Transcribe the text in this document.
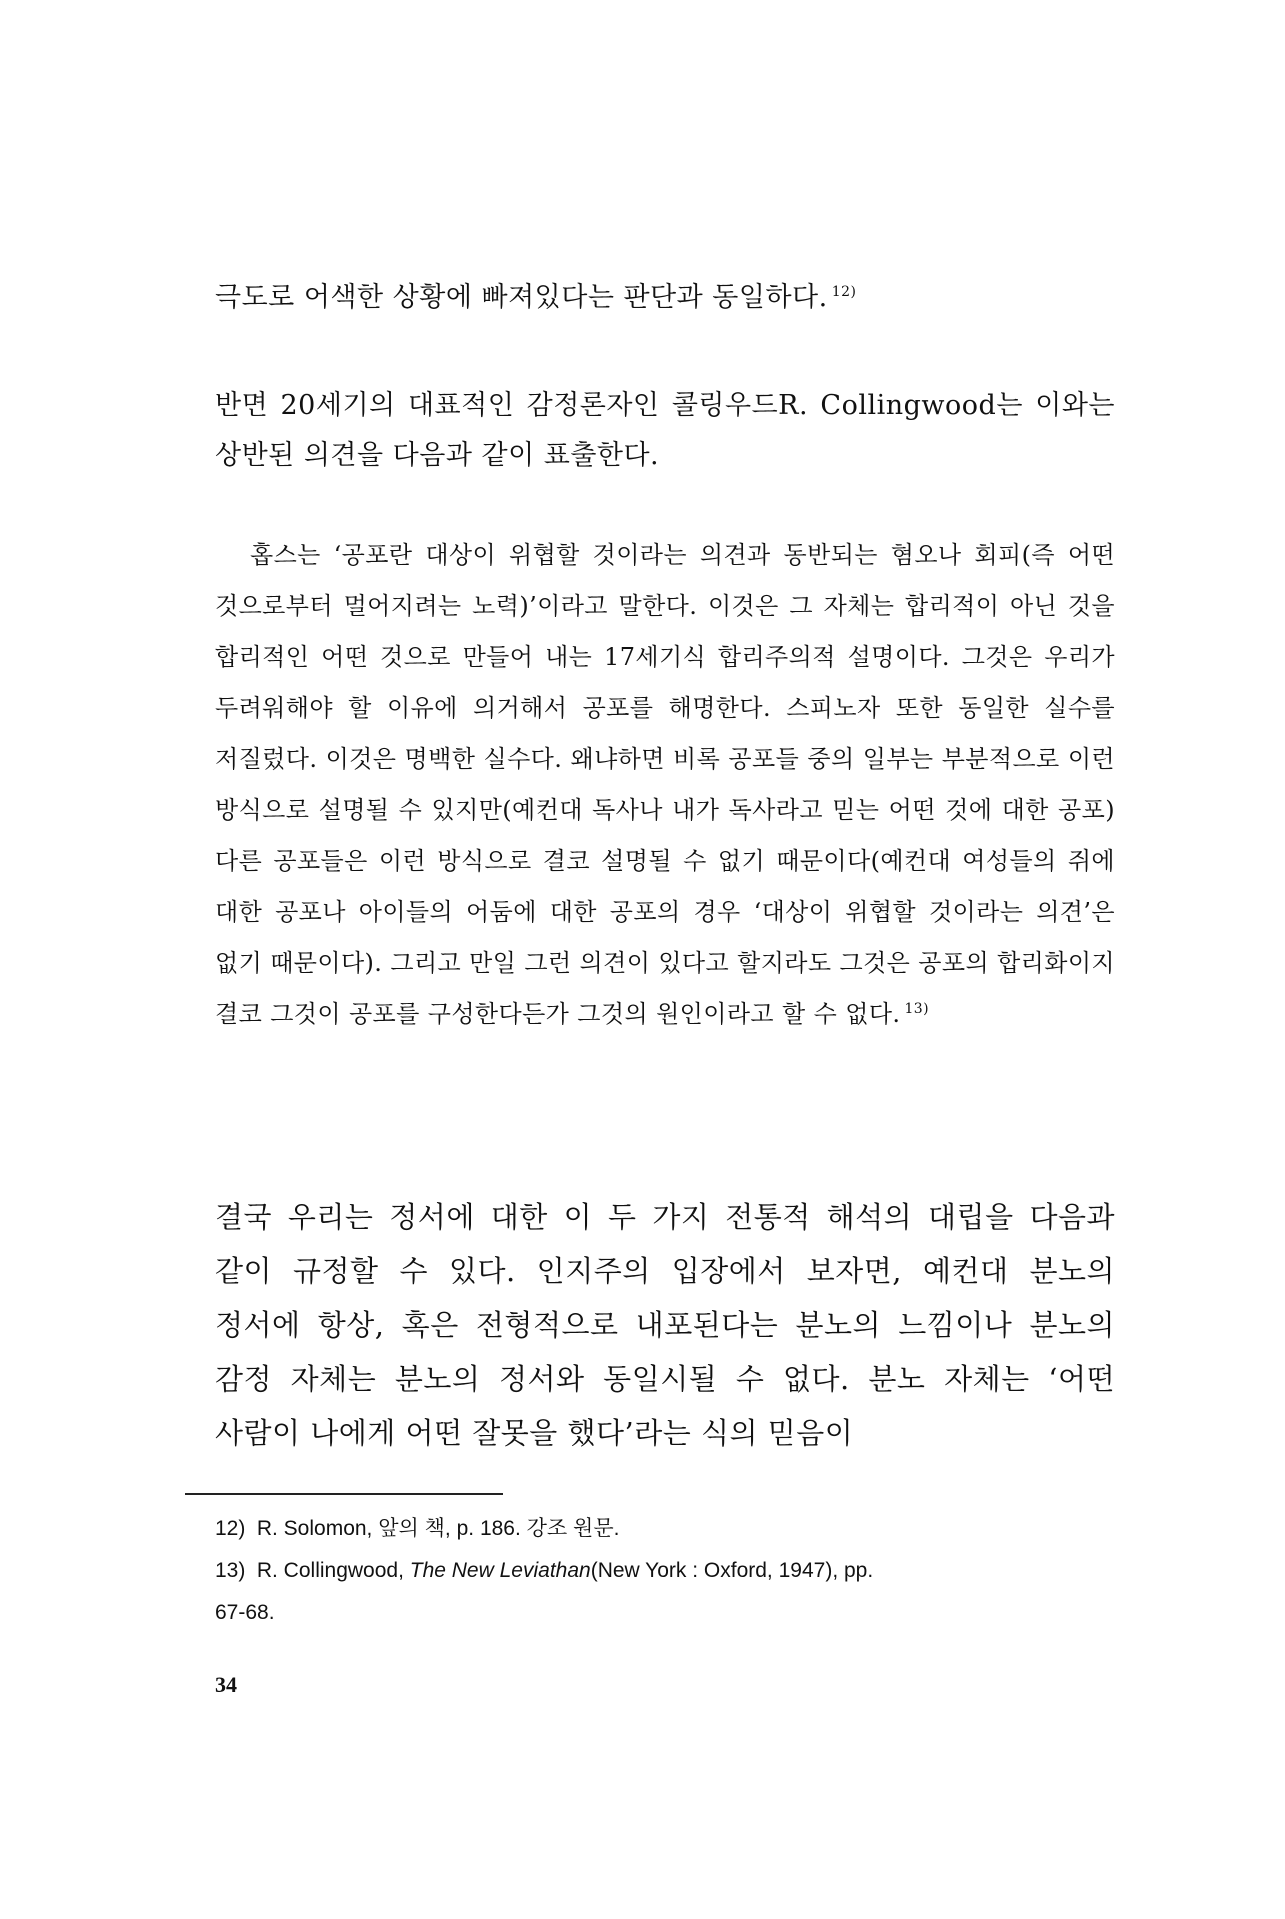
극도로 어색한 상황에 빠져있다는 판단과 동일하다. $^{12)}$

반면 20세기의 대표적인 감정론자인 콜링우드R. Collingwood는 이와는 상반된 의견을 다음과 같이 표출한다.

홉스는 ‘공포란 대상이 위협할 것이라는 의견과 동반되는 혐오나 회피(즉 어떤 것으로부터 멀어지려는 노력)’이라고 말한다. 이것은 그 자체는 합리적이 아닌 것을 합리적인 어떤 것으로 만들어 내는 17세기식 합리주의적 설명이다. 그것은 우리가 두려워해야 할 이유에 의거해서 공포를 해명한다. 스피노자 또한 동일한 실수를 저질렀다. 이것은 명백한 실수다. 왜냐하면 비록 공포들 중의 일부는 부분적으로 이런 방식으로 설명될 수 있지만(예컨대 독사나 내가 독사라고 믿는 어떤 것에 대한 공포) 다른 공포들은 이런 방식으로 결코 설명될 수 없기 때문이다(예컨대 여성들의 쥐에 대한 공포나 아이들의 어둠에 대한 공포의 경우 ‘대상이 위협할 것이라는 의견’은 없기 때문이다). 그리고 만일 그런 의견이 있다고 할지라도 그것은 공포의 합리화이지 결코 그것이 공포를 구성한다든가 그것의 원인이라고 할 수 없다. $^{13)}$

결국 우리는 정서에 대한 이 두 가지 전통적 해석의 대립을 다음과 같이 규정할 수 있다. 인지주의 입장에서 보자면, 예컨대 분노의 정서에 항상, 혹은 전형적으로 내포된다는 분노의 느낌이나 분노의 감정 자체는 분노의 정서와 동일시될 수 없다. 분노 자체는 ‘어떤 사람이 나에게 어떤 잘못을 했다’라는 식의 믿음이

12) R. Solomon, 앞의 책, p. 186. 강조 원문.

13) R. Collingwood, The New Leviathan(New York : Oxford, 1947), pp.
67-68.

34
